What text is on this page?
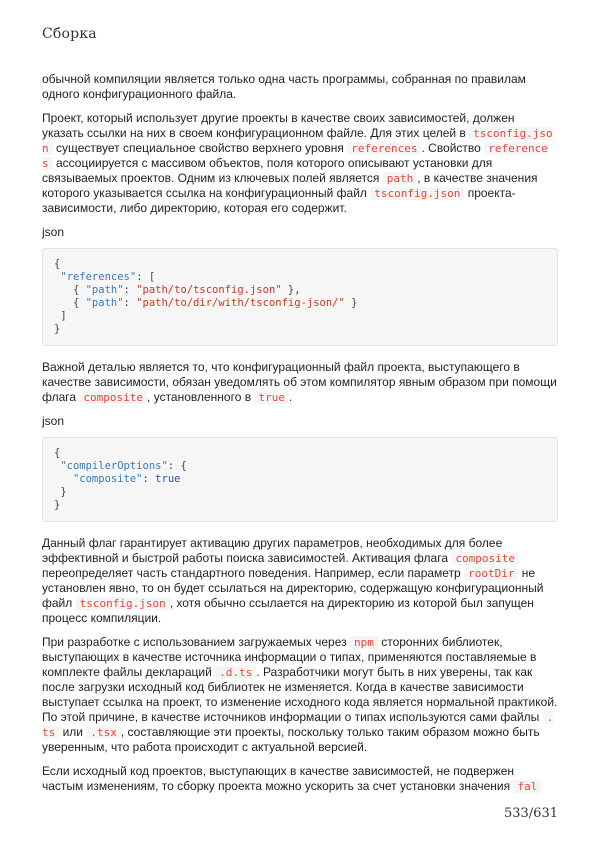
Сборка

обычной компиляции является только одна часть программы, собранная по правилам одного конфигурационного файла.

Проект, который использует другие проекты в качестве своих зависимостей, должен указать ссылки на них в своем конфигурационном файле. Для этих целей в tsconfig.json существует специальное свойство верхнего уровня references . Свойство references ассоциируется с массивом объектов, поля которого описывают установки для связываемых проектов. Одним из ключевых полей является path , в качестве значения которого указывается ссылка на конфигурационный файл tsconfig.json проекта-зависимости, либо директорию, которая его содержит.

json
{
"references": [
{ "path": "path/to/tsconfig.json" },
{ "path": "path/to/dir/with/tsconfig-json/" }
]
}

Важной деталью является то, что конфигурационный файл проекта, выступающего в качестве зависимости, обязан уведомлять об этом компилятор явным образом при помощи флага composite , установленного в true .

json
{
"compilerOptions": {
"composite": true
}
}

Данный флаг гарантирует активацию других параметров, необходимых для более эффективной и быстрой работы поиска зависимостей. Активация флага composite переопределяет часть стандартного поведения. Например, если параметр rootDir не установлен явно, то он будет ссылаться на директорию, содержащую конфигурационный файл tsconfig.json , хотя обычно ссылается на директорию из которой был запущен процесс компиляции.

При разработке с использованием загружаемых через npm сторонних библиотек, выступающих в качестве источника информации о типах, применяются поставляемые в комплекте файлы деклараций .d.ts . Разработчики могут быть в них уверены, так как после загрузки исходный код библиотек не изменяется. Когда в качестве зависимости выступает ссылка на проект, то изменение исходного кода является нормальной практикой. По этой причине, в качестве источников информации о типах используются сами файлы .ts или .tsx , составляющие эти проекты, поскольку только таким образом можно быть уверенным, что работа происходит с актуальной версией.

Если исходный код проектов, выступающих в качестве зависимостей, не подвержен частым изменениям, то сборку проекта можно ускорить за счет установки значения fal

533/631
